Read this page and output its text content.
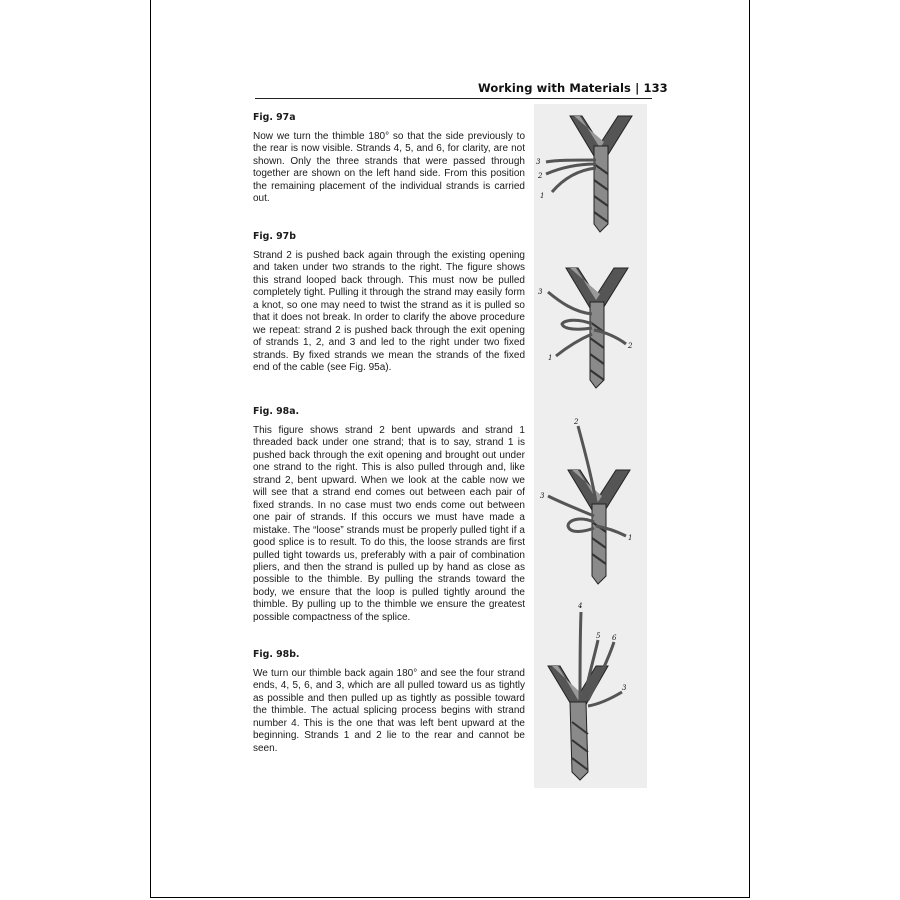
Working with Materials | 133

Fig. 97a

Now we turn the thimble 180° so that the side previously to the rear is now visible. Strands 4, 5, and 6, for clarity, are not shown. Only the three strands that were passed through together are shown on the left hand side. From this position the remaining placement of the individual strands is carried out.

Fig. 97b

Strand 2 is pushed back again through the existing opening and taken under two strands to the right. The figure shows this strand looped back through. This must now be pulled completely tight. Pulling it through the strand may easily form a knot, so one may need to twist the strand as it is pulled so that it does not break. In order to clarify the above procedure we repeat: strand 2 is pushed back through the exit opening of strands 1, 2, and 3 and led to the right under two fixed strands. By fixed strands we mean the strands of the fixed end of the cable (see Fig. 95a).

Fig. 98a.

This figure shows strand 2 bent upwards and strand 1 threaded back under one strand; that is to say, strand 1 is pushed back through the exit opening and brought out under one strand to the right. This is also pulled through and, like strand 2, bent upward. When we look at the cable now we will see that a strand end comes out between each pair of fixed strands. In no case must two ends come out between one pair of strands. If this occurs we must have made a mistake. The “loose” strands must be properly pulled tight if a good splice is to result. To do this, the loose strands are first pulled tight towards us, preferably with a pair of combination pliers, and then the strand is pulled up by hand as close as possible to the thimble. By pulling the strands toward the body, we ensure that the loop is pulled tightly around the thimble. By pulling up to the thimble we ensure the greatest possible compactness of the splice.

Fig. 98b.

We turn our thimble back again 180° and see the four strand ends, 4, 5, 6, and 3, which are all pulled toward us as tightly as possible and then pulled up as tightly as possible toward the thimble. The actual splicing process begins with strand number 4. This is the one that was left bent upward at the beginning. Strands 1 and 2 lie to the rear and cannot be seen.

3
2
1
3
1
2
2
3
1
4
5 6
3
